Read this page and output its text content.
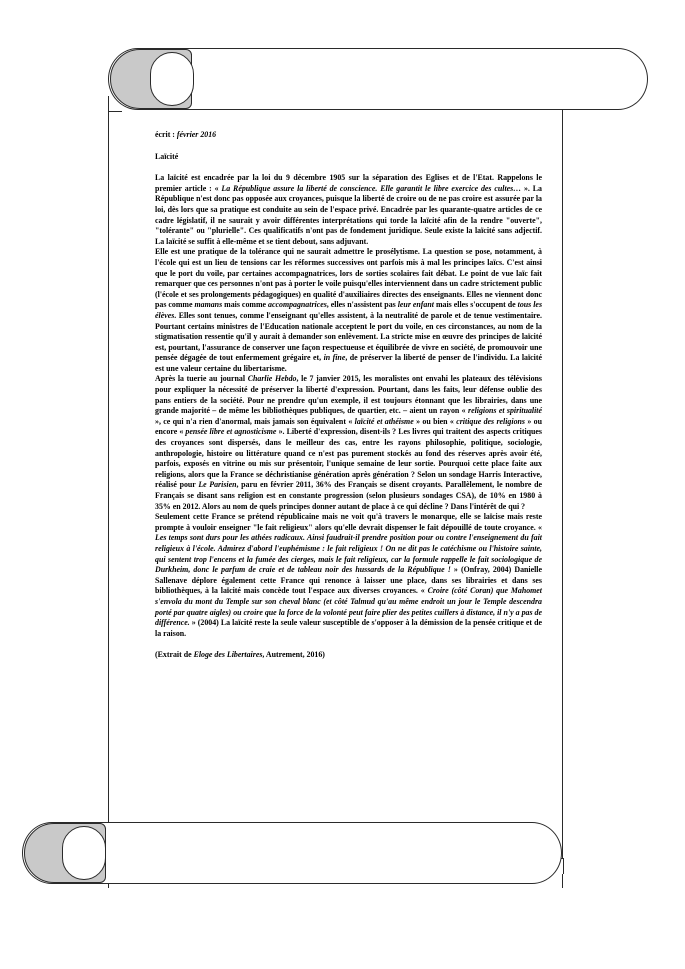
écrit : février 2016

Laïcité

La laïcité est encadrée par la loi du 9 décembre 1905 sur la séparation des Eglises et de l'Etat. Rappelons le premier article : « La République assure la liberté de conscience. Elle garantit le libre exercice des cultes… ». La République n'est donc pas opposée aux croyances, puisque la liberté de croire ou de ne pas croire est assurée par la loi, dès lors que sa pratique est conduite au sein de l'espace privé. Encadrée par les quarante-quatre articles de ce cadre législatif, il ne saurait y avoir différentes interprétations qui torde la laïcité afin de la rendre "ouverte", "tolérante" ou "plurielle". Ces qualificatifs n'ont pas de fondement juridique. Seule existe la laïcité sans adjectif. La laïcité se suffit à elle-même et se tient debout, sans adjuvant.

Elle est une pratique de la tolérance qui ne saurait admettre le prosélytisme. La question se pose, notamment, à l'école qui est un lieu de tensions car les réformes successives ont parfois mis à mal les principes laïcs. C'est ainsi que le port du voile, par certaines accompagnatrices, lors de sorties scolaires fait débat. Le point de vue laïc fait remarquer que ces personnes n'ont pas à porter le voile puisqu'elles interviennent dans un cadre strictement public (l'école et ses prolongements pédagogiques) en qualité d'auxiliaires directes des enseignants. Elles ne viennent donc pas comme mamans mais comme accompagnatrices, elles n'assistent pas leur enfant mais elles s'occupent de tous les élèves. Elles sont tenues, comme l'enseignant qu'elles assistent, à la neutralité de parole et de tenue vestimentaire. Pourtant certains ministres de l'Education nationale acceptent le port du voile, en ces circonstances, au nom de la stigmatisation ressentie qu'il y aurait à demander son enlèvement. La stricte mise en œuvre des principes de laïcité est, pourtant, l'assurance de conserver une façon respectueuse et équilibrée de vivre en société, de promouvoir une pensée dégagée de tout enfermement grégaire et, in fine, de préserver la liberté de penser de l'individu. La laïcité est une valeur certaine du libertarisme.

Après la tuerie au journal Charlie Hebdo, le 7 janvier 2015, les moralistes ont envahi les plateaux des télévisions pour expliquer la nécessité de préserver la liberté d'expression. Pourtant, dans les faits, leur défense oublie des pans entiers de la société. Pour ne prendre qu'un exemple, il est toujours étonnant que les librairies, dans une grande majorité – de même les bibliothèques publiques, de quartier, etc. – aient un rayon « religions et spiritualité », ce qui n'a rien d'anormal, mais jamais son équivalent « laïcité et athéisme » ou bien « critique des religions » ou encore « pensée libre et agnosticisme ». Liberté d'expression, disent-ils ? Les livres qui traitent des aspects critiques des croyances sont dispersés, dans le meilleur des cas, entre les rayons philosophie, politique, sociologie, anthropologie, histoire ou littérature quand ce n'est pas purement stockés au fond des réserves après avoir été, parfois, exposés en vitrine ou mis sur présentoir, l'unique semaine de leur sortie. Pourquoi cette place faite aux religions, alors que la France se déchristianise génération après génération ? Selon un sondage Harris Interactive, réalisé pour Le Parisien, paru en février 2011, 36% des Français se disent croyants. Parallèlement, le nombre de Français se disant sans religion est en constante progression (selon plusieurs sondages CSA), de 10% en 1980 à 35% en 2012. Alors au nom de quels principes donner autant de place à ce qui décline ? Dans l'intérêt de qui ?

Seulement cette France se prétend républicaine mais ne voit qu'à travers le monarque, elle se laïcise mais reste prompte à vouloir enseigner "le fait religieux" alors qu'elle devrait dispenser le fait dépouillé de toute croyance. « Les temps sont durs pour les athées radicaux. Ainsi faudrait-il prendre position pour ou contre l'enseignement du fait religieux à l'école. Admirez d'abord l'euphémisme : le fait religieux ! On ne dit pas le catéchisme ou l'histoire sainte, qui sentent trop l'encens et la fumée des cierges, mais le fait religieux, car la formule rappelle le fait sociologique de Durkheim, donc le parfum de craie et de tableau noir des hussards de la République ! » (Onfray, 2004) Danielle Sallenave déplore également cette France qui renonce à laisser une place, dans ses librairies et dans ses bibliothèques, à la laïcité mais concède tout l'espace aux diverses croyances. « Croire (côté Coran) que Mahomet s'envola du mont du Temple sur son cheval blanc (et côté Talmud qu'au même endroit un jour le Temple descendra porté par quatre aigles) ou croire que la force de la volonté peut faire plier des petites cuillers à distance, il n'y a pas de différence. » (2004) La laïcité reste la seule valeur susceptible de s'opposer à la démission de la pensée critique et de la raison.

(Extrait de Eloge des Libertaires, Autrement, 2016)
